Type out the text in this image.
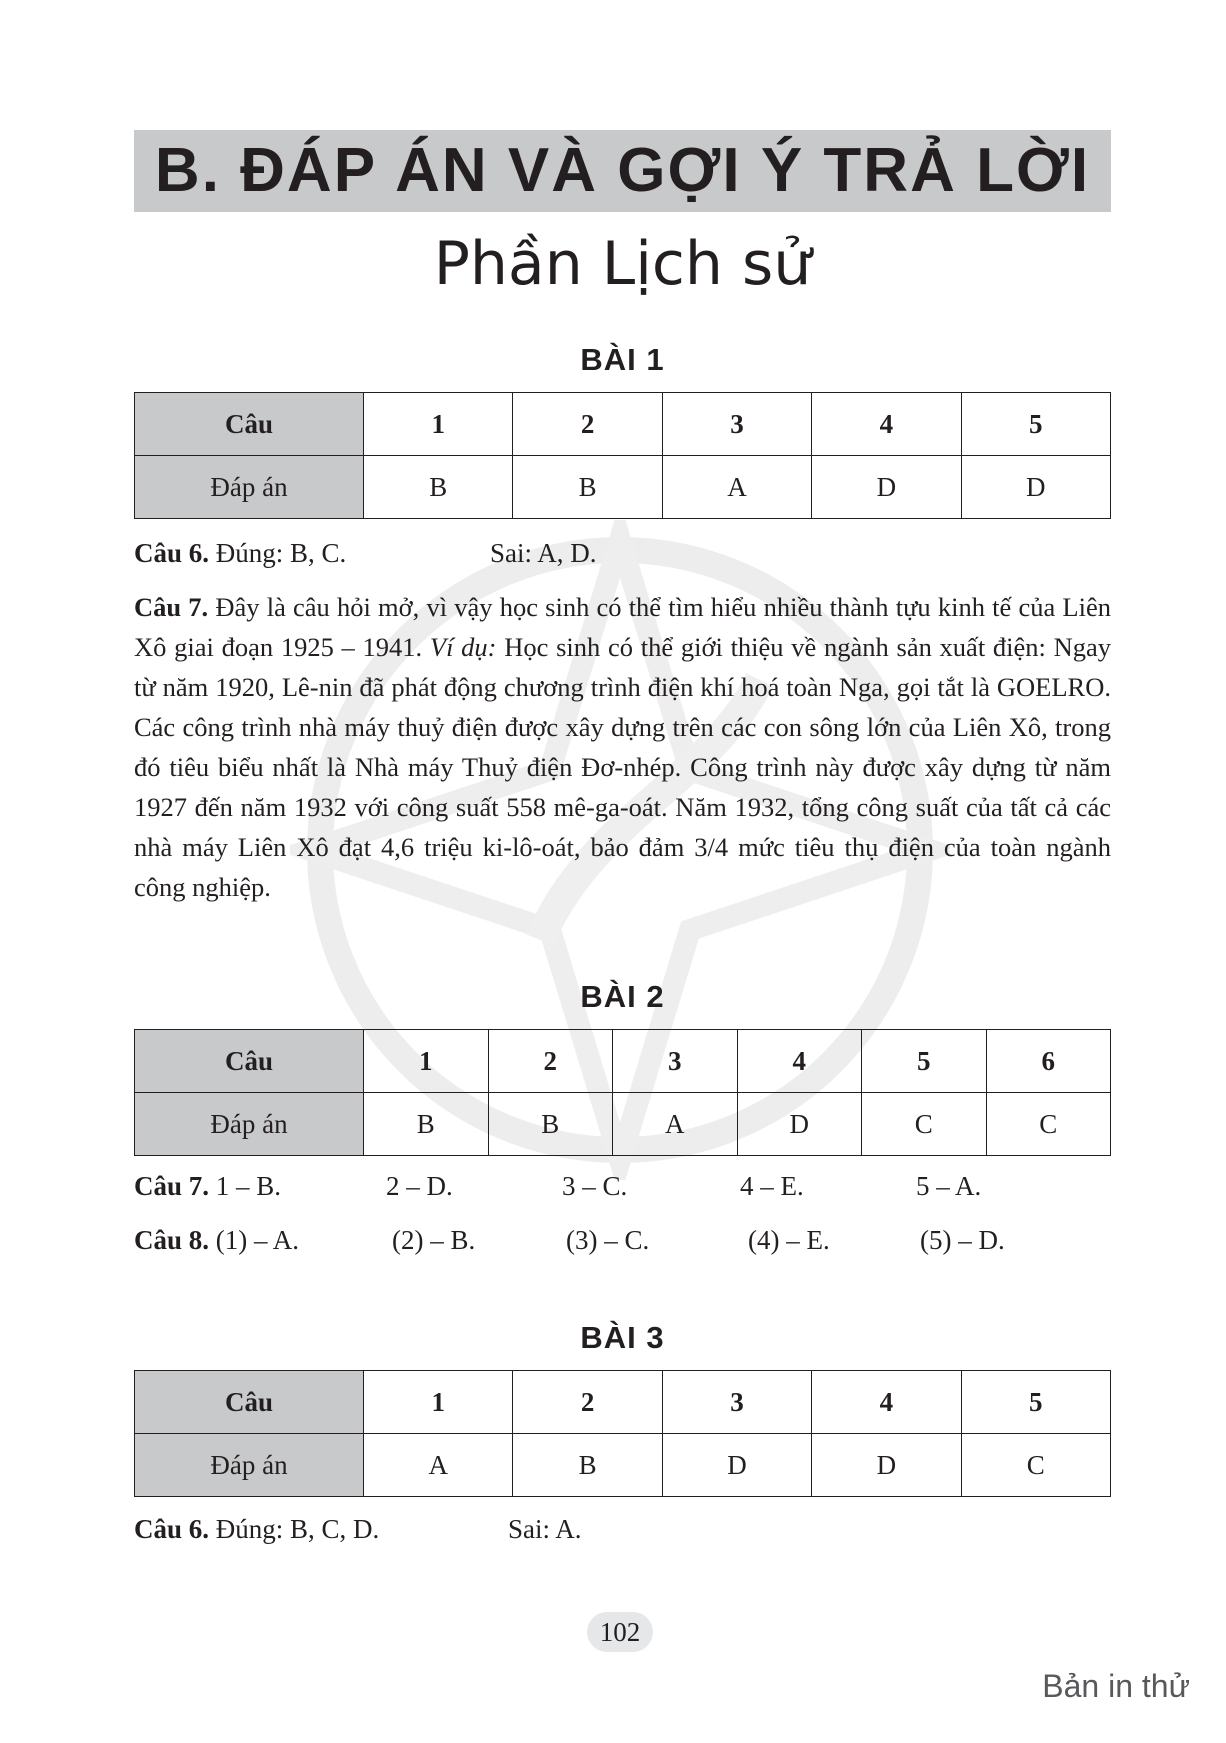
B. ĐÁP ÁN VÀ GỢI Ý TRẢ LỜI
Phần Lịch sử
BÀI 1
Câu	1	2	3	4	5
Đáp án	B	B	A	D	D
Câu 6. Đúng: B, C.	Sai: A, D.

Câu 7. Đây là câu hỏi mở, vì vậy học sinh có thể tìm hiểu nhiều thành tựu kinh tế của Liên Xô giai đoạn 1925 – 1941. Ví dụ: Học sinh có thể giới thiệu về ngành sản xuất điện: Ngay từ năm 1920, Lê-nin đã phát động chương trình điện khí hoá toàn Nga, gọi tắt là GOELRO. Các công trình nhà máy thuỷ điện được xây dựng trên các con sông lớn của Liên Xô, trong đó tiêu biểu nhất là Nhà máy Thuỷ điện Đơ-nhép. Công trình này được xây dựng từ năm 1927 đến năm 1932 với công suất 558 mê-ga-oát. Năm 1932, tổng công suất của tất cả các nhà máy Liên Xô đạt 4,6 triệu ki-lô-oát, bảo đảm 3/4 mức tiêu thụ điện của toàn ngành công nghiệp.

BÀI 2
Câu	1	2	3	4	5	6
Đáp án	B	B	A	D	C	C
Câu 7. 1 – B.	2 – D.	3 – C.	4 – E.	5 – A.
Câu 8. (1) – A.	(2) – B.	(3) – C.	(4) – E.	(5) – D.
BÀI 3
Câu	1	2	3	4	5
Đáp án	A	B	D	D	C
Câu 6. Đúng: B, C, D.	Sai: A.
102
Bản in thử
